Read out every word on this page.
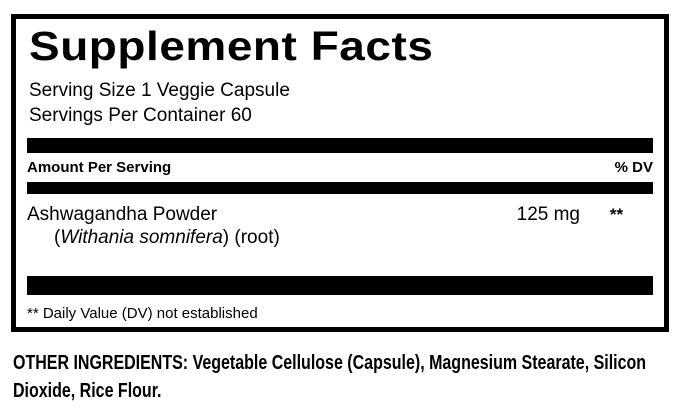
Supplement Facts
Serving Size 1 Veggie Capsule
Servings Per Container 60
Amount Per Serving	% DV
Ashwagandha Powder	125 mg	**
(Withania somnifera) (root)
** Daily Value (DV) not established
OTHER INGREDIENTS: Vegetable Cellulose (Capsule), Magnesium Stearate, Silicon Dioxide, Rice Flour.
